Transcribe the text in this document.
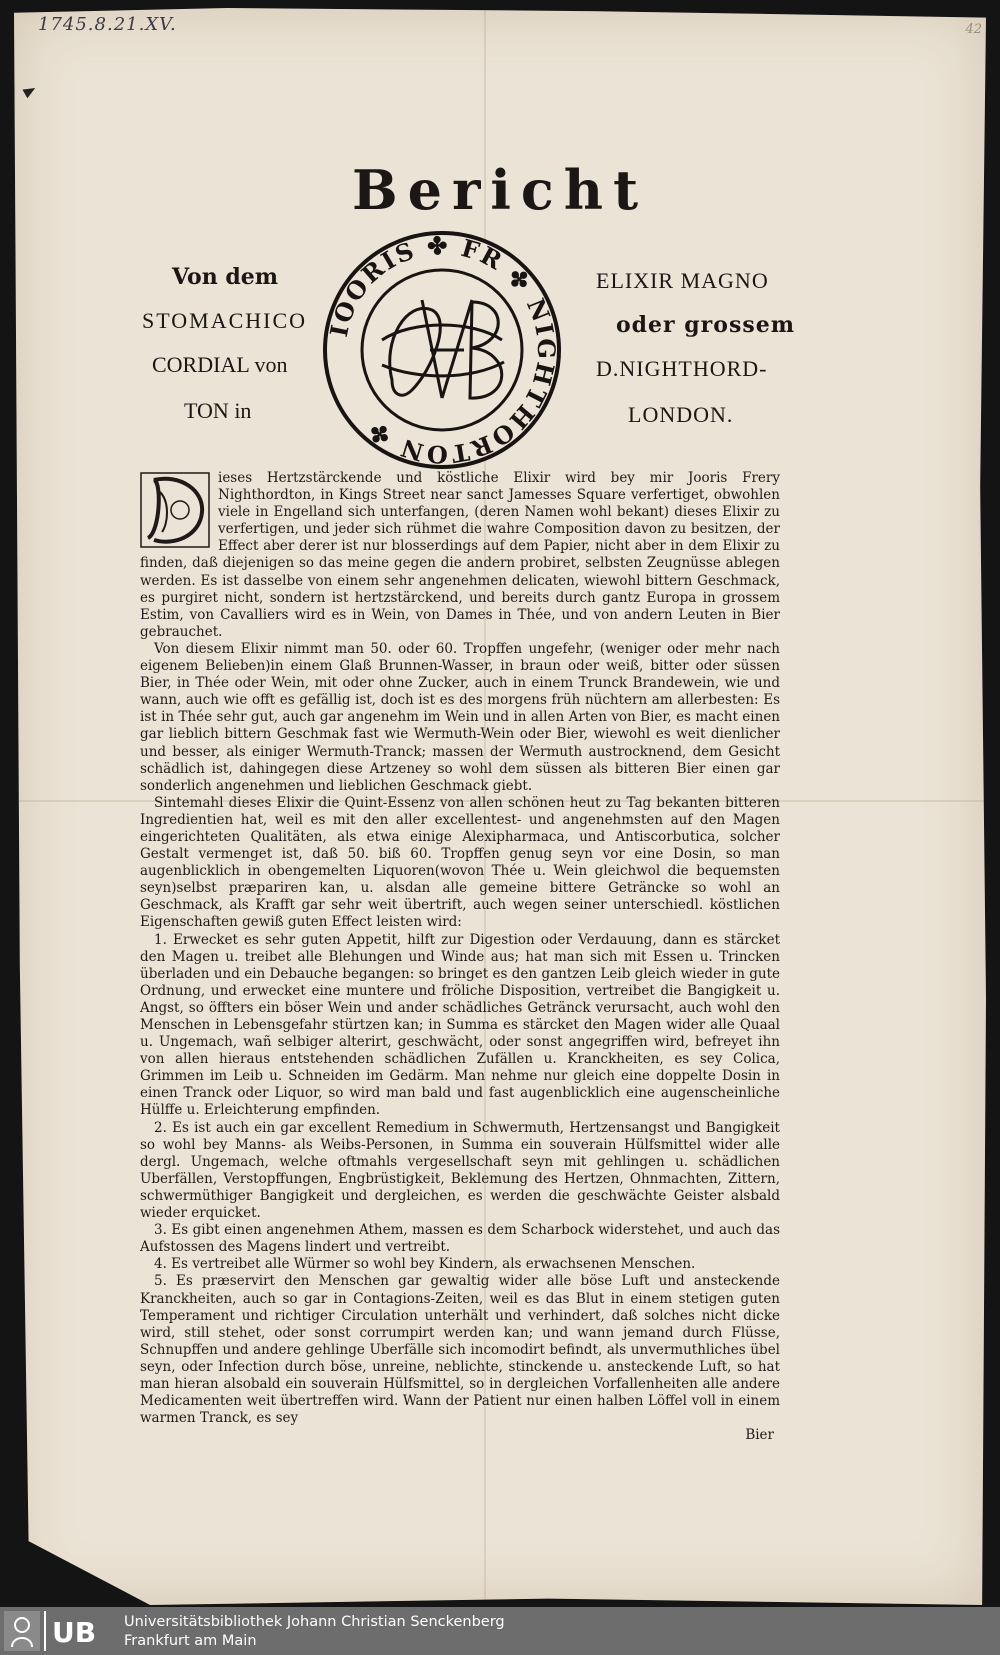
1745.8.21.XV.	42
Bericht
Von dem
STOMACHICO
CORDIAL von
TON in
ELIXIR MAGNO
oder grossem
D.NIGHTHORD-
LONDON.
IOORIS ✤ FR ✤ NIGHTHORTON ✤
D

ieses Hertzstärckende und köstliche Elixir wird bey mir Jooris Frery Nighthordton, in Kings Street near sanct Jamesses Square verfertiget, obwohlen viele in Engelland sich unterfangen, (deren Namen wohl bekant) dieses Elixir zu verfertigen, und jeder sich rühmet die wahre Composition davon zu besitzen, der Effect aber derer ist nur blosserdings auf dem Papier, nicht aber in dem Elixir zu finden, daß diejenigen so das meine gegen die andern probiret, selbsten Zeugnüsse ablegen werden. Es ist dasselbe von einem sehr angenehmen delicaten, wiewohl bittern Geschmack, es purgiret nicht, sondern ist hertzstärckend, und bereits durch gantz Europa in grossem Estim, von Cavalliers wird es in Wein, von Dames in Thée, und von andern Leuten in Bier gebrauchet.

Von diesem Elixir nimmt man 50. oder 60. Tropffen ungefehr, (weniger oder mehr nach eigenem Belieben)in einem Glaß Brunnen-Wasser, in braun oder weiß, bitter oder süssen Bier, in Thée oder Wein, mit oder ohne Zucker, auch in einem Trunck Brandewein, wie und wann, auch wie offt es gefällig ist, doch ist es des morgens früh nüchtern am allerbesten: Es ist in Thée sehr gut, auch gar angenehm im Wein und in allen Arten von Bier, es macht einen gar lieblich bittern Geschmak fast wie Wermuth-Wein oder Bier, wiewohl es weit dienlicher und besser, als einiger Wermuth-Tranck; massen der Wermuth austrocknend, dem Gesicht schädlich ist, dahingegen diese Artzeney so wohl dem süssen als bitteren Bier einen gar sonderlich angenehmen und lieblichen Geschmack giebt.

Sintemahl dieses Elixir die Quint-Essenz von allen schönen heut zu Tag bekanten bitteren Ingredientien hat, weil es mit den aller excellentest- und angenehmsten auf den Magen eingerichteten Qualitäten, als etwa einige Alexipharmaca, und Antiscorbutica, solcher Gestalt vermenget ist, daß 50. biß 60. Tropffen genug seyn vor eine Dosin, so man augenblicklich in obengemelten Liquoren(wovon Thée u. Wein gleichwol die bequemsten seyn)selbst præpariren kan, u. alsdan alle gemeine bittere Geträncke so wohl an Geschmack, als Krafft gar sehr weit übertrift, auch wegen seiner unterschiedl. köstlichen Eigenschaften gewiß guten Effect leisten wird:

1. Erwecket es sehr guten Appetit, hilft zur Digestion oder Verdauung, dann es stärcket den Magen u. treibet alle Blehungen und Winde aus; hat man sich mit Essen u. Trincken überladen und ein Debauche begangen: so bringet es den gantzen Leib gleich wieder in gute Ordnung, und erwecket eine muntere und fröliche Disposition, vertreibet die Bangigkeit u. Angst, so öffters ein böser Wein und ander schädliches Getränck verursacht, auch wohl den Menschen in Lebensgefahr stürtzen kan; in Summa es stärcket den Magen wider alle Quaal u. Ungemach, wañ selbiger alterirt, geschwächt, oder sonst angegriffen wird, befreyet ihn von allen hieraus entstehenden schädlichen Zufällen u. Kranckheiten, es sey Colica, Grimmen im Leib u. Schneiden im Gedärm. Man nehme nur gleich eine doppelte Dosin in einen Tranck oder Liquor, so wird man bald und fast augenblicklich eine augenscheinliche Hülffe u. Erleichterung empfinden.

2. Es ist auch ein gar excellent Remedium in Schwermuth, Hertzensangst und Bangigkeit so wohl bey Manns- als Weibs-Personen, in Summa ein souverain Hülfsmittel wider alle dergl. Ungemach, welche oftmahls vergesellschaft seyn mit gehlingen u. schädlichen Uberfällen, Verstopffungen, Engbrüstigkeit, Beklemung des Hertzen, Ohnmachten, Zittern, schwermüthiger Bangigkeit und dergleichen, es werden die geschwächte Geister alsbald wieder erquicket.

3. Es gibt einen angenehmen Athem, massen es dem Scharbock widerstehet, und auch das Aufstossen des Magens lindert und vertreibt.

4. Es vertreibet alle Würmer so wohl bey Kindern, als erwachsenen Menschen.

5. Es præservirt den Menschen gar gewaltig wider alle böse Luft und ansteckende Kranckheiten, auch so gar in Contagions-Zeiten, weil es das Blut in einem stetigen guten Temperament und richtiger Circulation unterhält und verhindert, daß solches nicht dicke wird, still stehet, oder sonst corrumpirt werden kan; und wann jemand durch Flüsse, Schnupffen und andere gehlinge Uberfälle sich incomodirt befindt, als unvermuthliches übel seyn, oder Infection durch böse, unreine, neblichte, stinckende u. ansteckende Luft, so hat man hieran alsobald ein souverain Hülfsmittel, so in dergleichen Vorfallenheiten alle andere Medicamenten weit übertreffen wird. Wann der Patient nur einen halben Löffel voll in einem warmen Tranck, es sey

Bier
UB Universitätsbibliothek Johann Christian Senckenberg
Frankfurt am Main
